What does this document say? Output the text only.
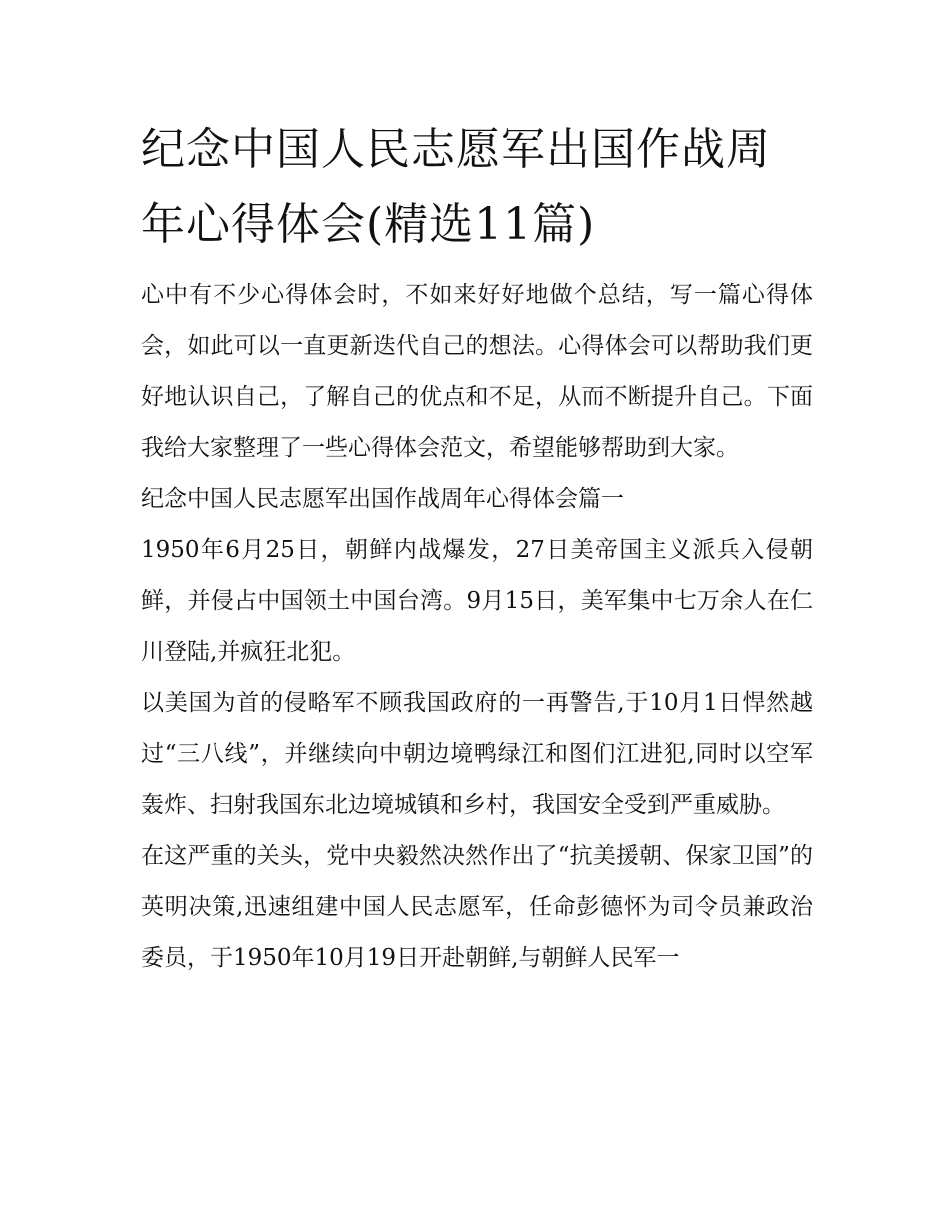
纪念中国人民志愿军出国作战周年心得体会(精选11篇)

心中有不少心得体会时，不如来好好地做个总结，写一篇心得体会，如此可以一直更新迭代自己的想法。心得体会可以帮助我们更好地认识自己，了解自己的优点和不足，从而不断提升自己。下面我给大家整理了一些心得体会范文，希望能够帮助到大家。

纪念中国人民志愿军出国作战周年心得体会篇一

1950年6月25日，朝鲜内战爆发，27日美帝国主义派兵入侵朝鲜，并侵占中国领土中国台湾。9月15日，美军集中七万余人在仁川登陆,并疯狂北犯。

以美国为首的侵略军不顾我国政府的一再警告,于10月1日悍然越过“三八线”，并继续向中朝边境鸭绿江和图们江进犯,同时以空军轰炸、扫射我国东北边境城镇和乡村，我国安全受到严重威胁。

在这严重的关头，党中央毅然决然作出了“抗美援朝、保家卫国”的英明决策,迅速组建中国人民志愿军，任命彭德怀为司令员兼政治委员，于1950年10月19日开赴朝鲜,与朝鲜人民军一
